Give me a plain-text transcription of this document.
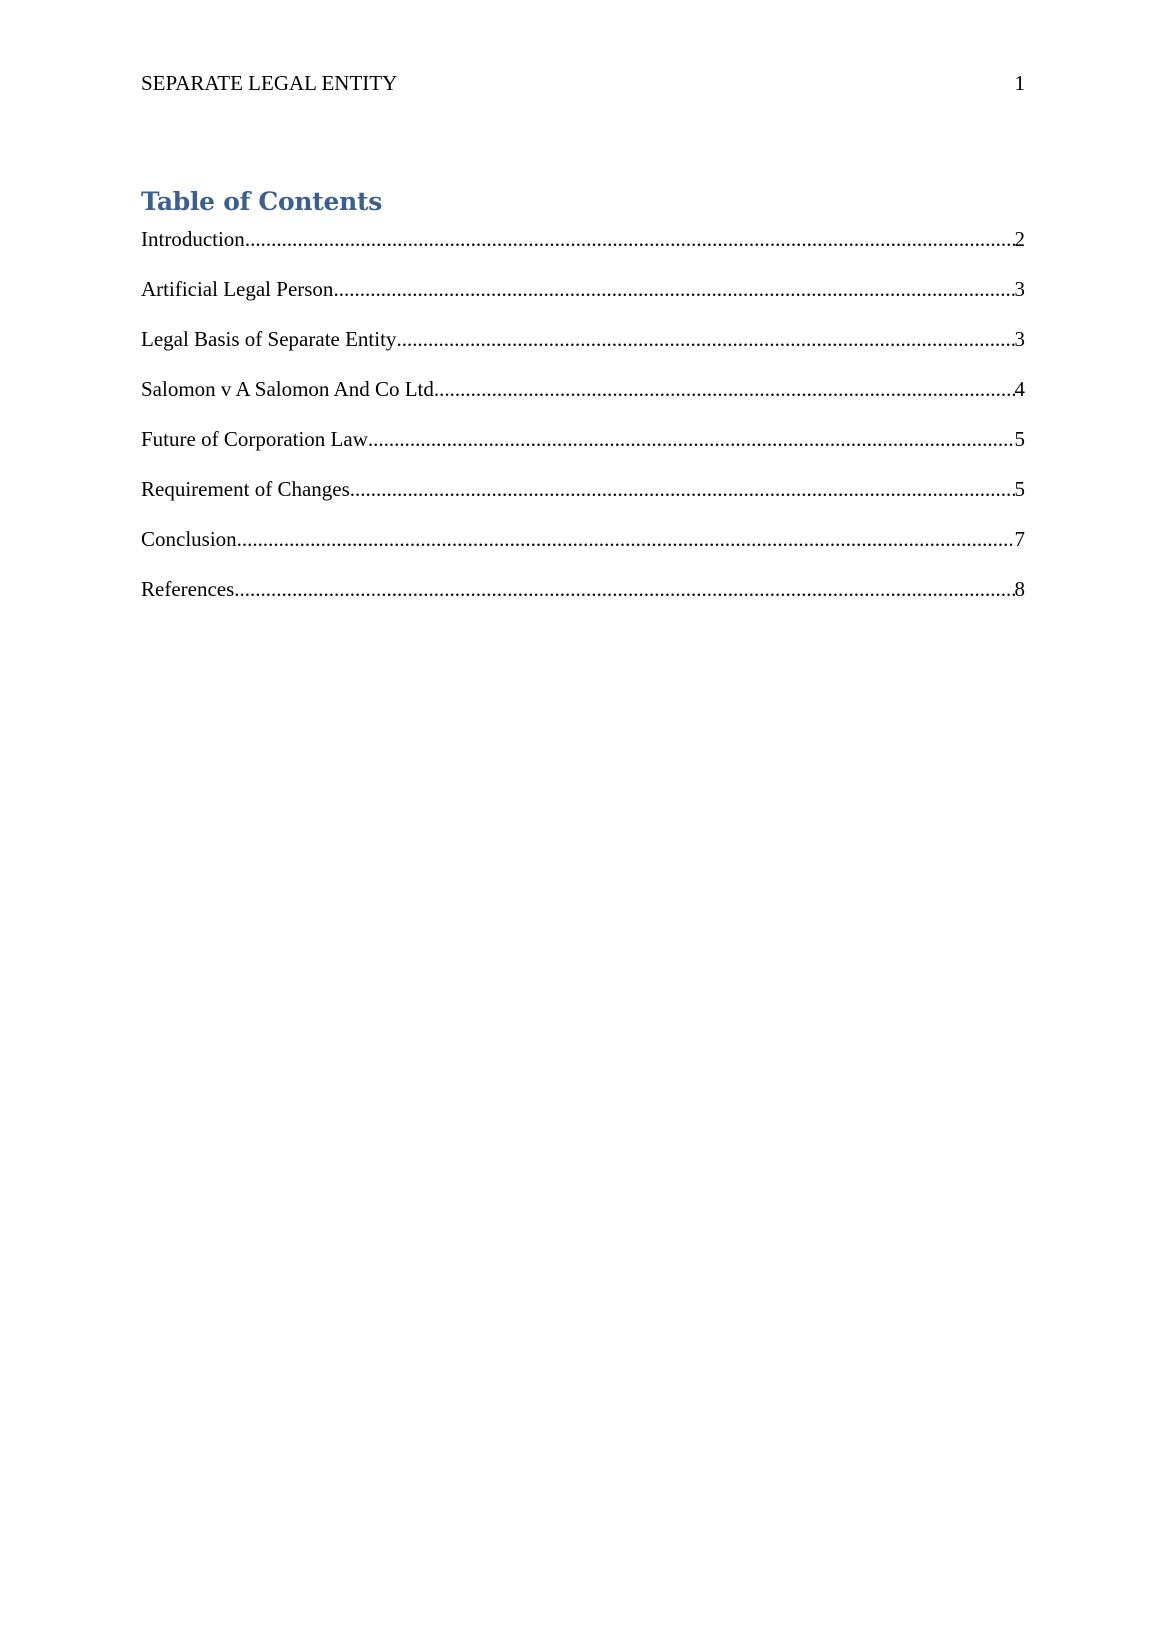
SEPARATE LEGAL ENTITY	1
Table of Contents
Introduction .....	2
Artificial Legal Person .....	3
Legal Basis of Separate Entity .....	3
Salomon v A Salomon And Co Ltd .....	4
Future of Corporation Law .....	5
Requirement of Changes .....	5
Conclusion .....	7
References .....	8
